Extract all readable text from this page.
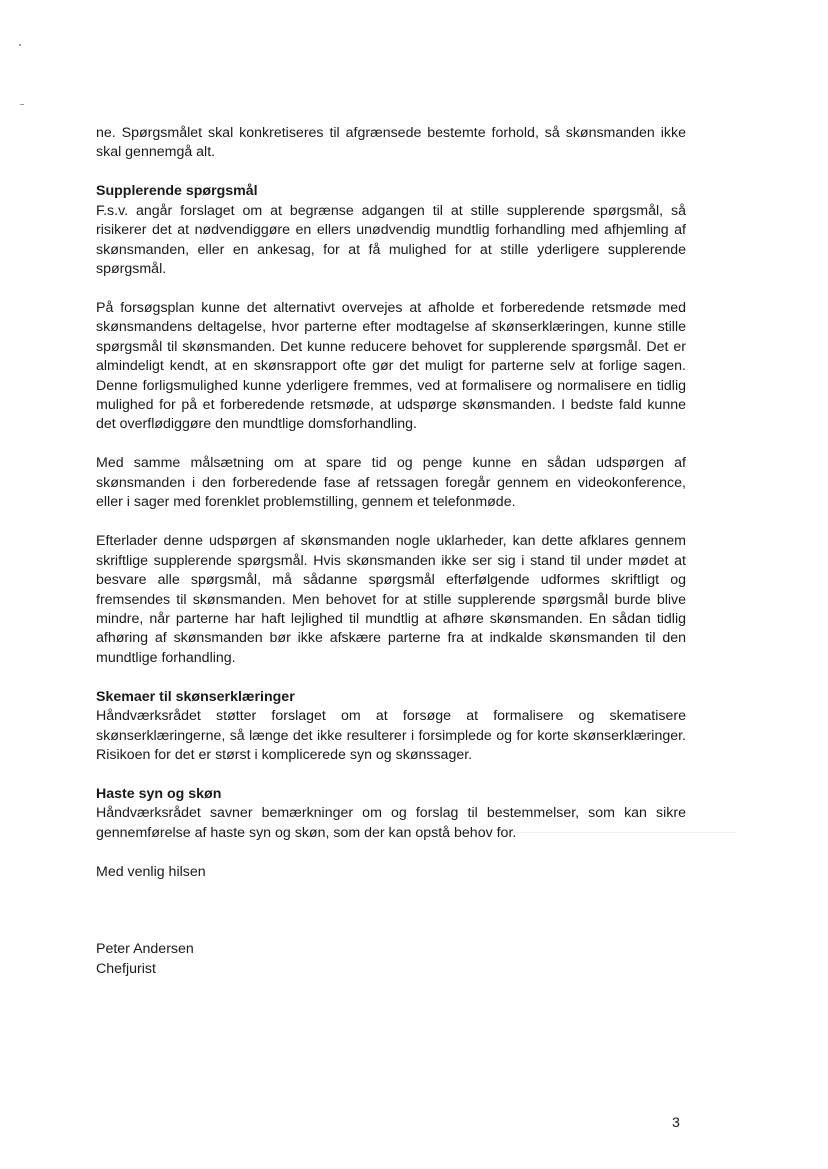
ne. Spørgsmålet skal konkretiseres til afgrænsede bestemte forhold, så skønsmanden ikke skal gennemgå alt.

Supplerende spørgsmål

F.s.v. angår forslaget om at begrænse adgangen til at stille supplerende spørgsmål, så risikerer det at nødvendiggøre en ellers unødvendig mundtlig forhandling med afhjemling af skønsmanden, eller en ankesag, for at få mulighed for at stille yderligere supplerende spørgsmål.

På forsøgsplan kunne det alternativt overvejes at afholde et forberedende retsmøde med skønsmandens deltagelse, hvor parterne efter modtagelse af skønserklæringen, kunne stille spørgsmål til skønsmanden. Det kunne reducere behovet for supplerende spørgsmål. Det er almindeligt kendt, at en skønsrapport ofte gør det muligt for parterne selv at forlige sagen. Denne forligsmulighed kunne yderligere fremmes, ved at formalisere og normalisere en tidlig mulighed for på et forberedende retsmøde, at udspørge skønsmanden. I bedste fald kunne det overflødiggøre den mundtlige domsforhandling.

Med samme målsætning om at spare tid og penge kunne en sådan udspørgen af skønsmanden i den forberedende fase af retssagen foregår gennem en videokonference, eller i sager med forenklet problemstilling, gennem et telefonmøde.

Efterlader denne udspørgen af skønsmanden nogle uklarheder, kan dette afklares gennem skriftlige supplerende spørgsmål. Hvis skønsmanden ikke ser sig i stand til under mødet at besvare alle spørgsmål, må sådanne spørgsmål efterfølgende udformes skriftligt og fremsendes til skønsmanden. Men behovet for at stille supplerende spørgsmål burde blive mindre, når parterne har haft lejlighed til mundtlig at afhøre skønsmanden. En sådan tidlig afhøring af skønsmanden bør ikke afskære parterne fra at indkalde skønsmanden til den mundtlige forhandling.

Skemaer til skønserklæringer

Håndværksrådet støtter forslaget om at forsøge at formalisere og skematisere skønserklæringerne, så længe det ikke resulterer i forsimplede og for korte skønserklæringer. Risikoen for det er størst i komplicerede syn og skønssager.

Haste syn og skøn

Håndværksrådet savner bemærkninger om og forslag til bestemmelser, som kan sikre gennemførelse af haste syn og skøn, som der kan opstå behov for.

Med venlig hilsen

Peter Andersen

Chefjurist

3
